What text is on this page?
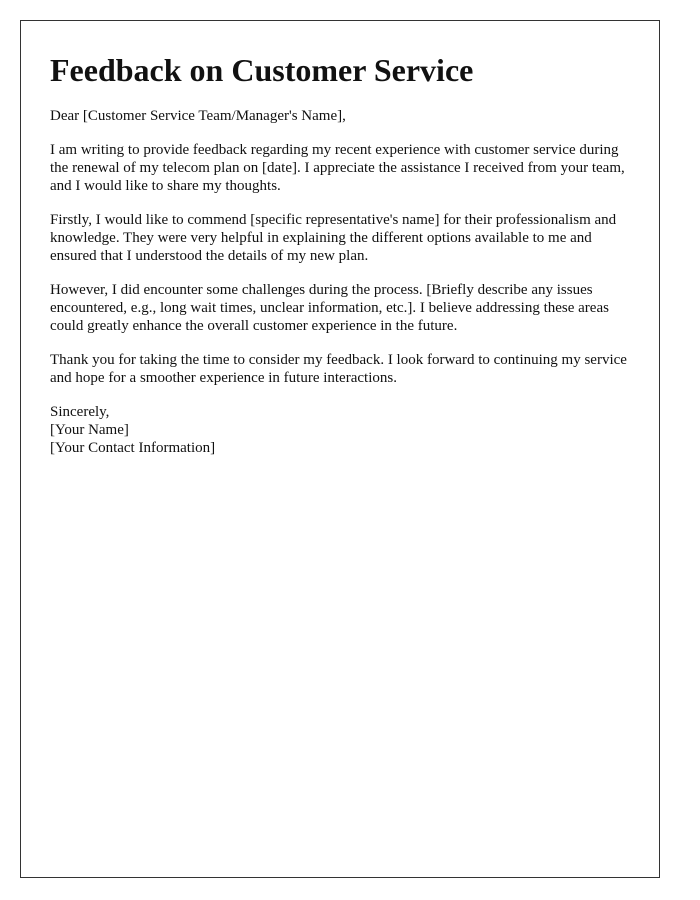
Feedback on Customer Service
Dear [Customer Service Team/Manager's Name],

I am writing to provide feedback regarding my recent experience with customer service during the renewal of my telecom plan on [date]. I appreciate the assistance I received from your team, and I would like to share my thoughts.

Firstly, I would like to commend [specific representative's name] for their professionalism and knowledge. They were very helpful in explaining the different options available to me and ensured that I understood the details of my new plan.

However, I did encounter some challenges during the process. [Briefly describe any issues encountered, e.g., long wait times, unclear information, etc.]. I believe addressing these areas could greatly enhance the overall customer experience in the future.

Thank you for taking the time to consider my feedback. I look forward to continuing my service and hope for a smoother experience in future interactions.

Sincerely,
[Your Name]
[Your Contact Information]
